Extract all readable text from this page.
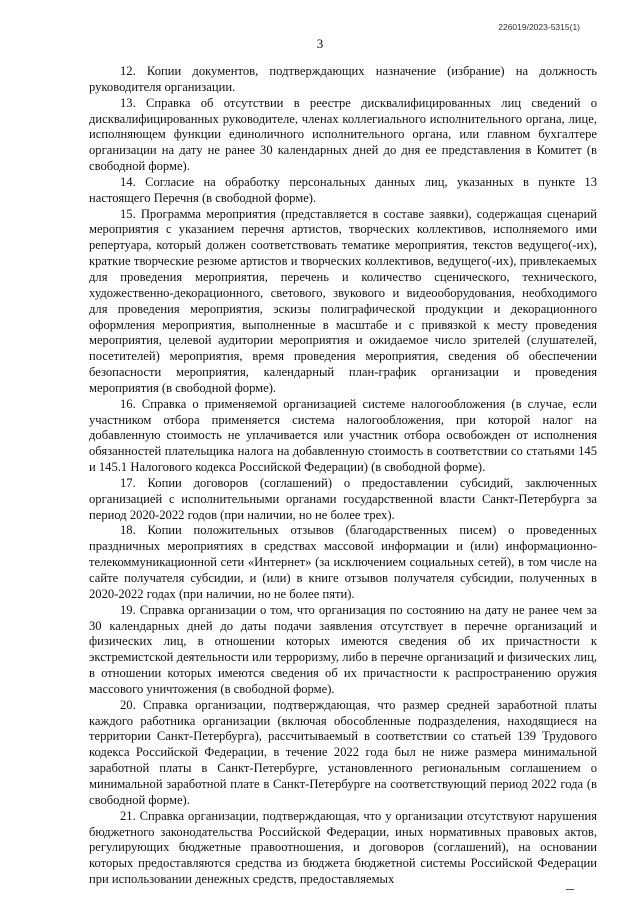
226019/2023-5315(1)
3

12. Копии документов, подтверждающих назначение (избрание) на должность руководителя организации.

13. Справка об отсутствии в реестре дисквалифицированных лиц сведений о дисквалифицированных руководителе, членах коллегиального исполнительного органа, лице, исполняющем функции единоличного исполнительного органа, или главном бухгалтере организации на дату не ранее 30 календарных дней до дня ее представления в Комитет (в свободной форме).

14. Согласие на обработку персональных данных лиц, указанных в пункте 13 настоящего Перечня (в свободной форме).

15. Программа мероприятия (представляется в составе заявки), содержащая сценарий мероприятия с указанием перечня артистов, творческих коллективов, исполняемого ими репертуара, который должен соответствовать тематике мероприятия, текстов ведущего(-их), краткие творческие резюме артистов и творческих коллективов, ведущего(-их), привлекаемых для проведения мероприятия, перечень и количество сценического, технического, художественно-декорационного, светового, звукового и видеооборудования, необходимого для проведения мероприятия, эскизы полиграфической продукции и декорационного оформления мероприятия, выполненные в масштабе и с привязкой к месту проведения мероприятия, целевой аудитории мероприятия и ожидаемое число зрителей (слушателей, посетителей) мероприятия, время проведения мероприятия, сведения об обеспечении безопасности мероприятия, календарный план-график организации и проведения мероприятия (в свободной форме).

16. Справка о применяемой организацией системе налогообложения (в случае, если участником отбора применяется система налогообложения, при которой налог на добавленную стоимость не уплачивается или участник отбора освобожден от исполнения обязанностей плательщика налога на добавленную стоимость в соответствии со статьями 145 и 145.1 Налогового кодекса Российской Федерации) (в свободной форме).

17. Копии договоров (соглашений) о предоставлении субсидий, заключенных организацией с исполнительными органами государственной власти Санкт-Петербурга за период 2020-2022 годов (при наличии, но не более трех).

18. Копии положительных отзывов (благодарственных писем) о проведенных праздничных мероприятиях в средствах массовой информации и (или) информационно-телекоммуникационной сети «Интернет» (за исключением социальных сетей), в том числе на сайте получателя субсидии, и (или) в книге отзывов получателя субсидии, полученных в 2020-2022 годах (при наличии, но не более пяти).

19. Справка организации о том, что организация по состоянию на дату не ранее чем за 30 календарных дней до даты подачи заявления отсутствует в перечне организаций и физических лиц, в отношении которых имеются сведения об их причастности к экстремистской деятельности или терроризму, либо в перечне организаций и физических лиц, в отношении которых имеются сведения об их причастности к распространению оружия массового уничтожения (в свободной форме).

20. Справка организации, подтверждающая, что размер средней заработной платы каждого работника организации (включая обособленные подразделения, находящиеся на территории Санкт-Петербурга), рассчитываемый в соответствии со статьей 139 Трудового кодекса Российской Федерации, в течение 2022 года был не ниже размера минимальной заработной платы в Санкт-Петербурге, установленного региональным соглашением о минимальной заработной плате в Санкт-Петербурге на соответствующий период 2022 года (в свободной форме).

21. Справка организации, подтверждающая, что у организации отсутствуют нарушения бюджетного законодательства Российской Федерации, иных нормативных правовых актов, регулирующих бюджетные правоотношения, и договоров (соглашений), на основании которых предоставляются средства из бюджета бюджетной системы Российской Федерации при использовании денежных средств, предоставляемых
